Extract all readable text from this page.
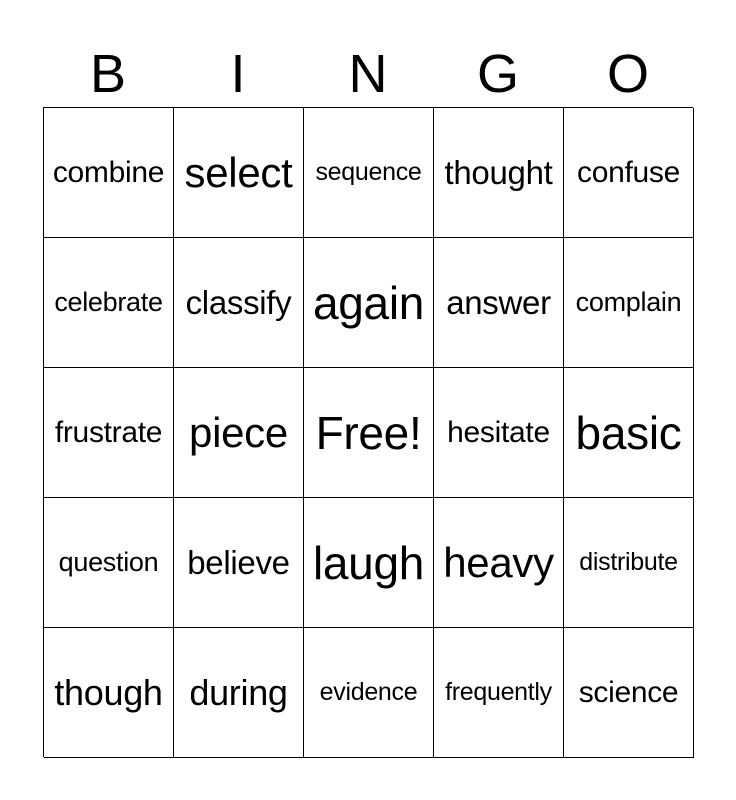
B	I	N	G	O
combine select sequence thought confuse
celebrate classify again answer complain
frustrate piece Free! hesitate basic
question believe laugh heavy	distribute
though during	evidence	frequently science
